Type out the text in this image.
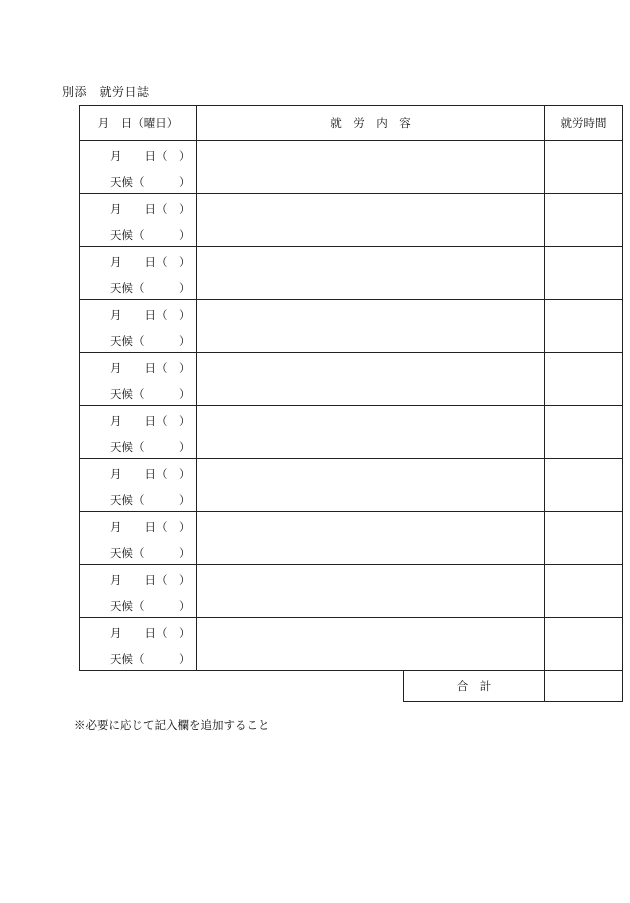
別添　就労日誌
月　日（曜日）	就　労　内　容		就労時間

月　　日（　）
天候（　　　）			

月　　日（　）
天候（　　　）			

月　　日（　）
天候（　　　）			

月　　日（　）
天候（　　　）			

月　　日（　）
天候（　　　）			

月　　日（　）
天候（　　　）			

月　　日（　）
天候（　　　）			

月　　日（　）
天候（　　　）			

月　　日（　）
天候（　　　）			

月　　日（　）
天候（　　　）			

		合　計	
※必要に応じて記入欄を追加すること
